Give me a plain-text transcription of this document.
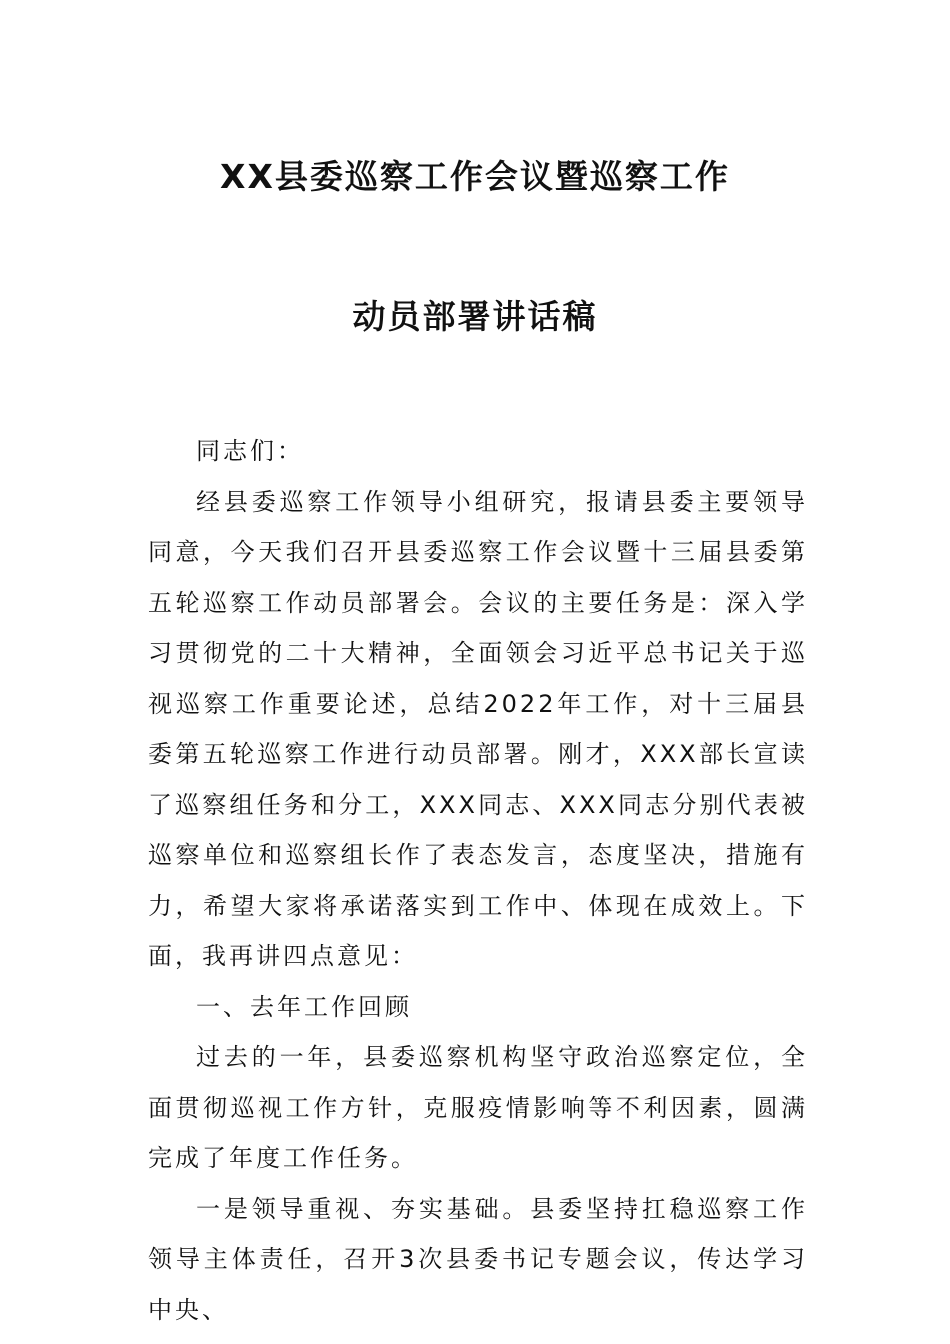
XX县委巡察工作会议暨巡察工作
动员部署讲话稿

同志们：

经县委巡察工作领导小组研究，报请县委主要领导同意，今天我们召开县委巡察工作会议暨十三届县委第五轮巡察工作动员部署会。会议的主要任务是：深入学习贯彻党的二十大精神，全面领会习近平总书记关于巡视巡察工作重要论述，总结2022年工作，对十三届县委第五轮巡察工作进行动员部署。刚才，XXX部长宣读了巡察组任务和分工，XXX同志、XXX同志分别代表被巡察单位和巡察组长作了表态发言，态度坚决，措施有力，希望大家将承诺落实到工作中、体现在成效上。下面，我再讲四点意见：

一、去年工作回顾

过去的一年，县委巡察机构坚守政治巡察定位，全面贯彻巡视工作方针，克服疫情影响等不利因素，圆满完成了年度工作任务。

一是领导重视、夯实基础。县委坚持扛稳巡察工作领导主体责任，召开3次县委书记专题会议，传达学习中央、
